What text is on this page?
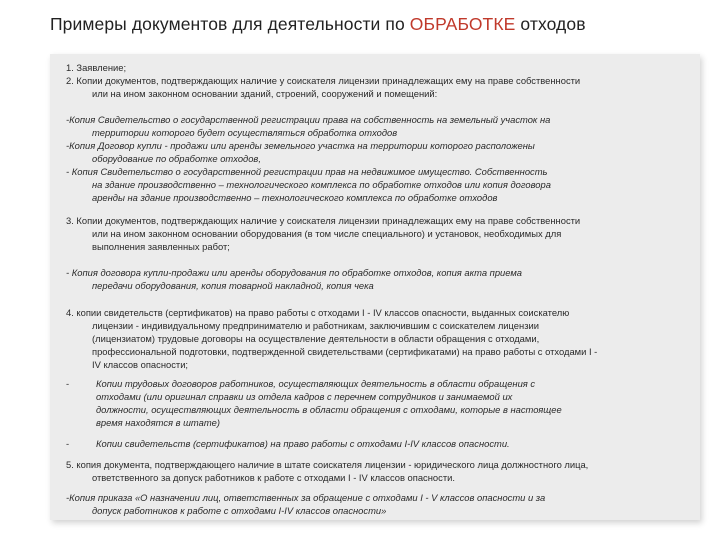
Примеры документов для деятельности по ОБРАБОТКЕ отходов
1. Заявление;
2. Копии документов, подтверждающих наличие у соискателя лицензии принадлежащих ему на праве собственности
или на ином законном основании зданий, строений, сооружений и помещений:
-Копия Свидетельство о государственной регистрации права на собственность на земельный участок на
территории которого будет осуществляться обработка отходов
-Копия Договор купли - продажи или аренды земельного участка на территории которого расположены
оборудование по обработке отходов,
- Копия Свидетельство о государственной регистрации прав на недвижимое имущество. Собственность
на здание производственно – технологического комплекса по обработке отходов или копия договора
аренды на здание производственно – технологического комплекса по обработке отходов
3. Копии документов, подтверждающих наличие у соискателя лицензии принадлежащих ему на праве собственности
или на ином законном основании оборудования (в том числе специального) и установок, необходимых для
выполнения заявленных работ;
- Копия договора купли-продажи или аренды оборудования по обработке отходов, копия акта приема
передачи оборудования, копия товарной накладной, копия чека
4. копии свидетельств (сертификатов) на право работы с отходами I - IV классов опасности, выданных соискателю
лицензии - индивидуальному предпринимателю и работникам, заключившим с соискателем лицензии
(лицензиатом) трудовые договоры на осуществление деятельности в области обращения с отходами,
профессиональной подготовки, подтвержденной свидетельствами (сертификатами) на право работы с отходами I -
IV классов опасности;
-	Копии трудовых договоров работников, осуществляющих деятельность в области обращения с
отходами (или оригинал справки из отдела кадров с перечнем сотрудников и занимаемой их
должности, осуществляющих деятельность в области обращения с отходами, которые в настоящее
время находятся в штате)
-	Копии свидетельств (сертификатов) на право работы с отходами I-IV классов опасности.
5. копия документа, подтверждающего наличие в штате соискателя лицензии - юридического лица должностного лица,
ответственного за допуск работников к работе с отходами I - IV классов опасности.
-Копия приказа «О назначении лиц, ответственных за обращение с отходами I - V классов опасности и за
допуск работников к работе с отходами I-IV классов опасности»
